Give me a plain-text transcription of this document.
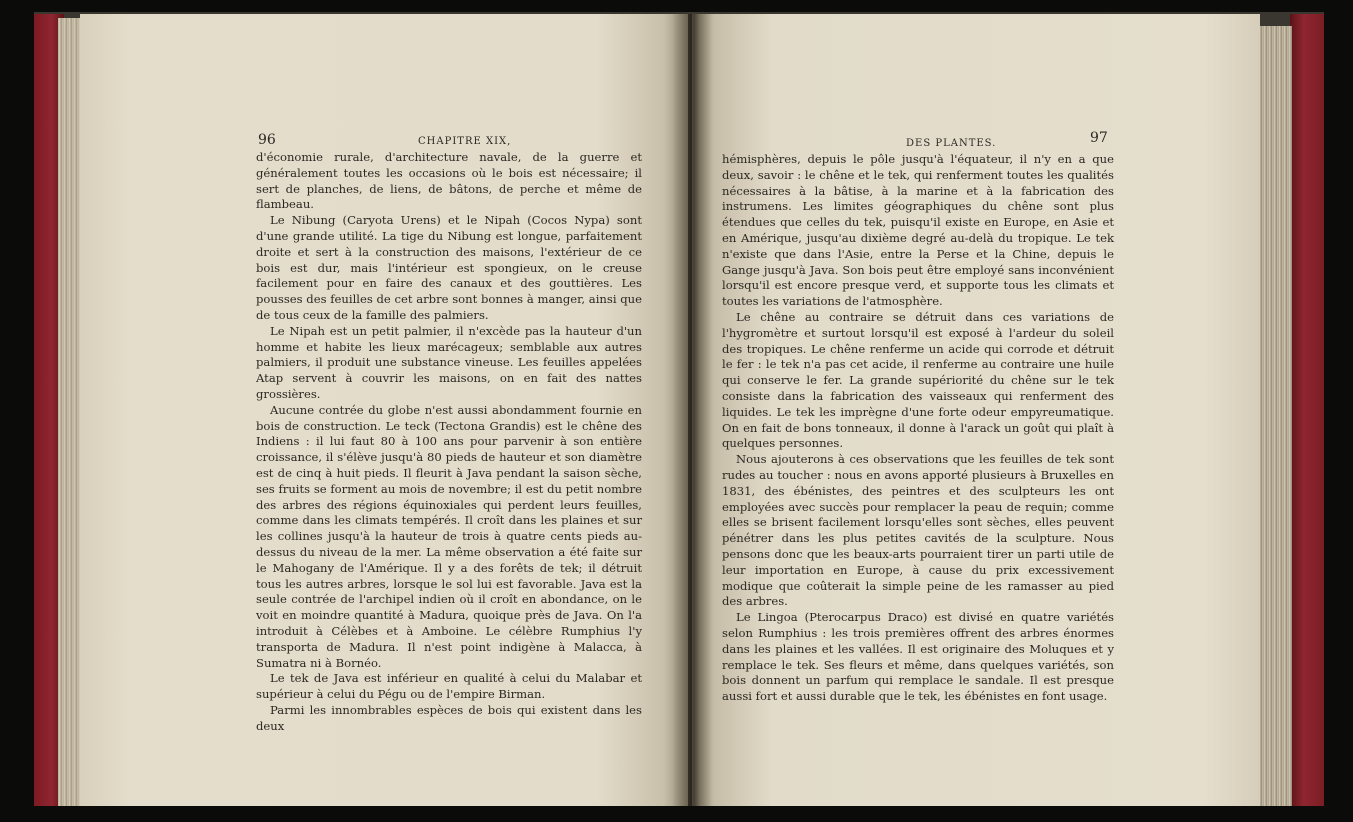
96	CHAPITRE XIX,

d'économie rurale, d'architecture navale, de la guerre et généralement toutes les occasions où le bois est nécessaire; il sert de planches, de liens, de bâtons, de perche et même de flambeau.

Le Nibung (Caryota Urens) et le Nipah (Cocos Nypa) sont d'une grande utilité. La tige du Nibung est longue, parfaitement droite et sert à la construction des maisons, l'extérieur de ce bois est dur, mais l'intérieur est spongieux, on le creuse facilement pour en faire des canaux et des gouttières. Les pousses des feuilles de cet arbre sont bonnes à manger, ainsi que de tous ceux de la famille des palmiers.

Le Nipah est un petit palmier, il n'excède pas la hauteur d'un homme et habite les lieux marécageux; semblable aux autres palmiers, il produit une substance vineuse. Les feuilles appelées Atap servent à couvrir les maisons, on en fait des nattes grossières.

Aucune contrée du globe n'est aussi abondamment fournie en bois de construction. Le teck (Tectona Grandis) est le chêne des Indiens : il lui faut 80 à 100 ans pour parvenir à son entière croissance, il s'élève jusqu'à 80 pieds de hauteur et son diamètre est de cinq à huit pieds. Il fleurit à Java pendant la saison sèche, ses fruits se forment au mois de novembre; il est du petit nombre des arbres des régions équinoxiales qui perdent leurs feuilles, comme dans les climats tempérés. Il croît dans les plaines et sur les collines jusqu'à la hauteur de trois à quatre cents pieds au-dessus du niveau de la mer. La même observation a été faite sur le Mahogany de l'Amérique. Il y a des forêts de tek; il détruit tous les autres arbres, lorsque le sol lui est favorable. Java est la seule contrée de l'archipel indien où il croît en abondance, on le voit en moindre quantité à Madura, quoique près de Java. On l'a introduit à Célèbes et à Amboine. Le célèbre Rumphius l'y transporta de Madura. Il n'est point indigène à Malacca, à Sumatra ni à Bornéo.

Le tek de Java est inférieur en qualité à celui du Malabar et supérieur à celui du Pégu ou de l'empire Birman.

Parmi les innombrables espèces de bois qui existent dans les deux

DES PLANTES.	97

hémisphères, depuis le pôle jusqu'à l'équateur, il n'y en a que deux, savoir : le chêne et le tek, qui renferment toutes les qualités nécessaires à la bâtise, à la marine et à la fabrication des instrumens. Les limites géographiques du chêne sont plus étendues que celles du tek, puisqu'il existe en Europe, en Asie et en Amérique, jusqu'au dixième degré au-delà du tropique. Le tek n'existe que dans l'Asie, entre la Perse et la Chine, depuis le Gange jusqu'à Java. Son bois peut être employé sans inconvénient lorsqu'il est encore presque verd, et supporte tous les climats et toutes les variations de l'atmosphère.

Le chêne au contraire se détruit dans ces variations de l'hygromètre et surtout lorsqu'il est exposé à l'ardeur du soleil des tropiques. Le chêne renferme un acide qui corrode et détruit le fer : le tek n'a pas cet acide, il renferme au contraire une huile qui conserve le fer. La grande supériorité du chêne sur le tek consiste dans la fabrication des vaisseaux qui renferment des liquides. Le tek les imprègne d'une forte odeur empyreumatique. On en fait de bons tonneaux, il donne à l'arack un goût qui plaît à quelques personnes.

Nous ajouterons à ces observations que les feuilles de tek sont rudes au toucher : nous en avons apporté plusieurs à Bruxelles en 1831, des ébénistes, des peintres et des sculpteurs les ont employées avec succès pour remplacer la peau de requin; comme elles se brisent facilement lorsqu'elles sont sèches, elles peuvent pénétrer dans les plus petites cavités de la sculpture. Nous pensons donc que les beaux-arts pourraient tirer un parti utile de leur importation en Europe, à cause du prix excessivement modique que coûterait la simple peine de les ramasser au pied des arbres.

Le Lingoa (Pterocarpus Draco) est divisé en quatre variétés selon Rumphius : les trois premières offrent des arbres énormes dans les plaines et les vallées. Il est originaire des Moluques et y remplace le tek. Ses fleurs et même, dans quelques variétés, son bois donnent un parfum qui remplace le sandale. Il est presque aussi fort et aussi durable que le tek, les ébénistes en font usage.
